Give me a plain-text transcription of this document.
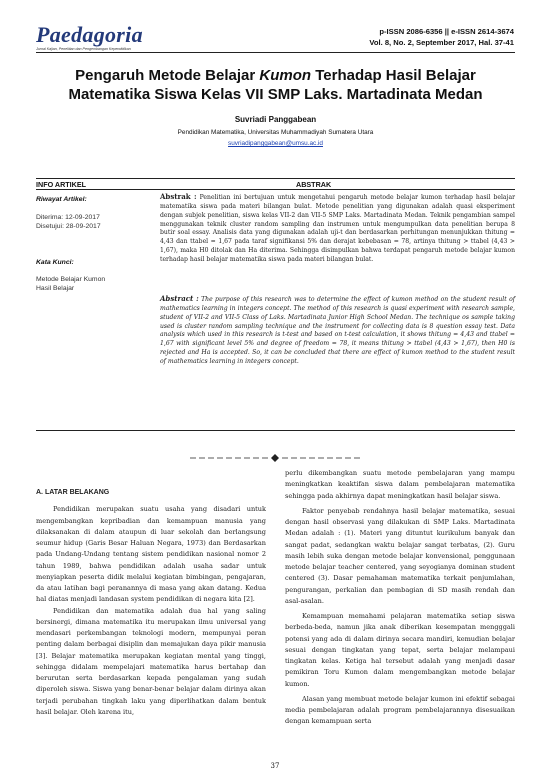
Paedagoria
Jurnal Kajian, Penelitian dan Pengembangan Kependidikan
p-ISSN 2086-6356 || e-ISSN 2614-3674
Vol. 8, No. 2, September 2017, Hal. 37-41
Pengaruh Metode Belajar Kumon Terhadap Hasil Belajar
Matematika Siswa Kelas VII SMP Laks. Martadinata Medan
Suvriadi Panggabean
Pendidikan Matematika, Universitas Muhammadiyah Sumatera Utara
suvriadipanggabean@umsu.ac.id
INFO ARTIKEL	ABSTRAK
Riwayat Artikel:
Diterima: 12-09-2017
Disetujui: 28-09-2017
Kata Kunci:
Metode Belajar Kumon
Hasil Belajar
Abstrak : Penelitian ini bertujuan untuk mengetahui pengaruh metode belajar kumon terhadap hasil belajar matematika siswa pada materi bilangan bulat. Metode penelitian yang digunakan adalah quasi eksperiment dengan subjek penelitian, siswa kelas VII-2 dan VII-5 SMP Laks. Martadinata Medan. Teknik pengambian sampel menggunakan teknik cluster random sampling dan instrumen untuk mengumpulkan data penelitian berupa 8 butir soal essay. Analisis data yang digunakan adalah uji-t dan berdasarkan perhitungan menunjukkan thitung = 4,43 dan ttabel = 1,67 pada taraf signifikansi 5% dan derajat kebebasan = 78, artinya thitung > ttabel (4,43 > 1,67), maka H0 ditolak dan Ha diterima. Sehingga disimpulkan bahwa terdapat pengaruh metode belajar kumon terhadap hasil belajar matematika siswa pada materi bilangan bulat.
Abstract : The purpose of this research was to determine the effect of kumon method on the student result of mathematics learning in integers concept. The method of this research is quasi experiment with research sample, student of VII-2 and VII-5 Class of Laks. Martadinata Junior High School Medan. The technique os sample taking used is cluster random sampling technique and the instrument for collecting data is 8 question essay test. Data analysis which used in this research is t-test and based on t-test calculation, it shows thitung = 4,43 and ttabel = 1,67 with significant level 5% and degree of freedom = 78, it means thitung > ttabel (4,43 > 1,67), then H0 is rejected and Ha is accepted. So, it can be concluded that there are effect of kumon method to the student result of mathematics learning in integers concept.
A. LATAR BELAKANG

Pendidikan merupakan suatu usaha yang disadari untuk mengembangkan kepribadian dan kemampuan manusia yang dilaksanakan di dalam ataupun di luar sekolah dan berlangsung seumur hidup (Garis Besar Haluan Negara, 1973) dan Berdasarkan pada Undang-Undang tentang sistem pendidikan nasional nomor 2 tahun 1989, bahwa pendidikan adalah usaha sadar untuk menyiapkan peserta didik melalui kegiatan bimbingan, pengajaran, da atau latihan bagi peranannya di masa yang akan datang. Kedua hal diatas menjadi landasan system pendidikan di negara kita [2].

Pendidikan dan matematika adalah dua hal yang saling bersinergi, dimana matematika itu merupakan ilmu universal yang mendasari perkembangan teknologi modern, mempunyai peran penting dalam berbagai disiplin dan memajukan daya pikir manusia [3]. Belajar matematika merupakan kegiatan mental yang tinggi, sehingga didalam mempelajari matematika harus bertahap dan berurutan serta berdasarkan kepada pengalaman yang sudah diperoleh siswa. Siswa yang benar-benar belajar dalam dirinya akan terjadi perubahan tingkah laku yang diperlihatkan dalam bentuk hasil belajar. Oleh karena itu,

perlu dikembangkan suatu metode pembelajaran yang mampu meningkatkan keaktifan siswa dalam pembelajaran matematika sehingga pada akhirnya dapat meningkatkan hasil belajar siswa.

Faktor penyebab rendahnya hasil belajar matematika, sesuai dengan hasil observasi yang dilakukan di SMP Laks. Martadinata Medan adalah : (1). Materi yang dituntut kurikulum banyak dan sangat padat, sedangkan waktu belajar sangat terbatas, (2). Guru masih lebih suka dengan metode belajar konvensional, penggunaan metode belajar teacher centered, yang seyogianya dominan student centered (3). Dasar pemahaman matematika terkait penjumlahan, pengurangan, perkalian dan pembagian di SD masih rendah dan asal-asalan.

Kemampuan memahami pelajaran matematika setiap siswa berbeda-beda, namun jika anak diberikan kesempatan mengggali potensi yang ada di dalam dirinya secara mandiri, kemudian belajar sesuai dengan tingkatan yang tepat, serta belajar melampaui tingkatan kelas. Ketiga hal tersebut adalah yang menjadi dasar pemikiran Toru Kumon dalam mengembangkan metode belajar kumon.

Alasan yang membuat metode belajar kumon ini efektif sebagai media pembelajaran adalah program pembelajarannya disesuaikan dengan kemampuan serta

37
